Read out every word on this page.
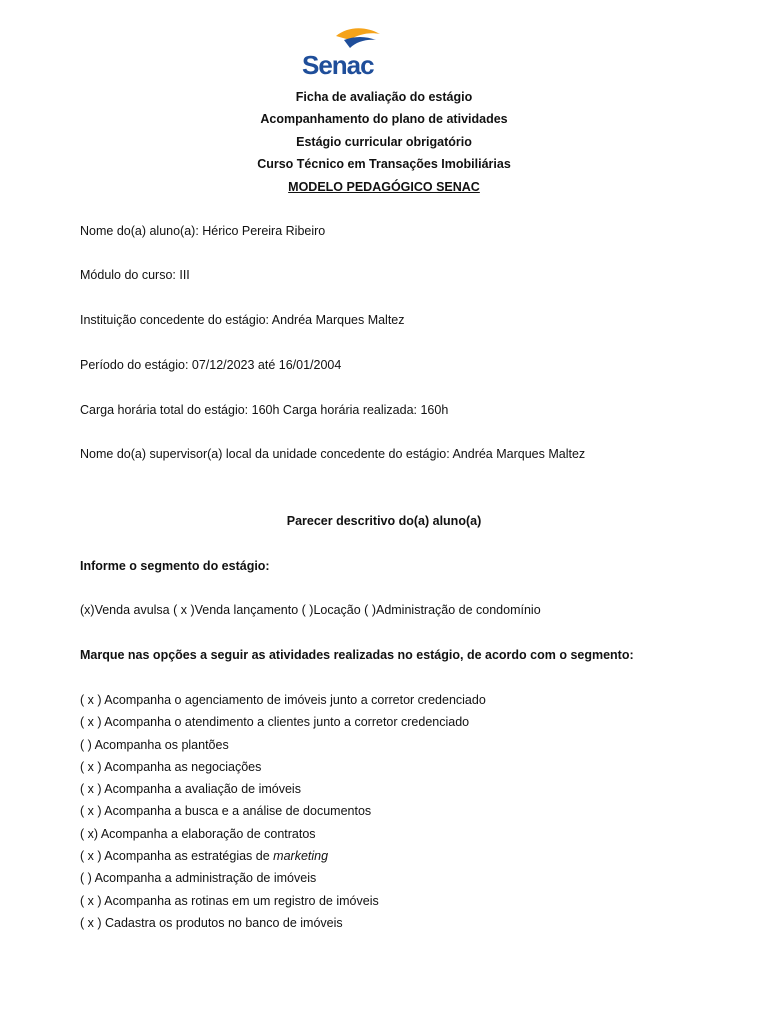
Senac
Ficha de avaliação do estágio
Acompanhamento do plano de atividades
Estágio curricular obrigatório
Curso Técnico em Transações Imobiliárias
MODELO PEDAGÓGICO SENAC
Nome do(a) aluno(a): Hérico Pereira Ribeiro
Módulo do curso: III
Instituição concedente do estágio: Andréa Marques Maltez
Período do estágio: 07/12/2023 até 16/01/2004
Carga horária total do estágio: 160h Carga horária realizada: 160h
Nome do(a) supervisor(a) local da unidade concedente do estágio: Andréa Marques Maltez
Parecer descritivo do(a) aluno(a)
Informe o segmento do estágio:
(x)Venda avulsa ( x )Venda lançamento ( )Locação ( )Administração de condomínio
Marque nas opções a seguir as atividades realizadas no estágio, de acordo com o segmento:
( x ) Acompanha o agenciamento de imóveis junto a corretor credenciado
( x ) Acompanha o atendimento a clientes junto a corretor credenciado
( ) Acompanha os plantões
( x ) Acompanha as negociações
( x ) Acompanha a avaliação de imóveis
( x ) Acompanha a busca e a análise de documentos
( x) Acompanha a elaboração de contratos
( x ) Acompanha as estratégias de marketing
( ) Acompanha a administração de imóveis
( x ) Acompanha as rotinas em um registro de imóveis
( x ) Cadastra os produtos no banco de imóveis
